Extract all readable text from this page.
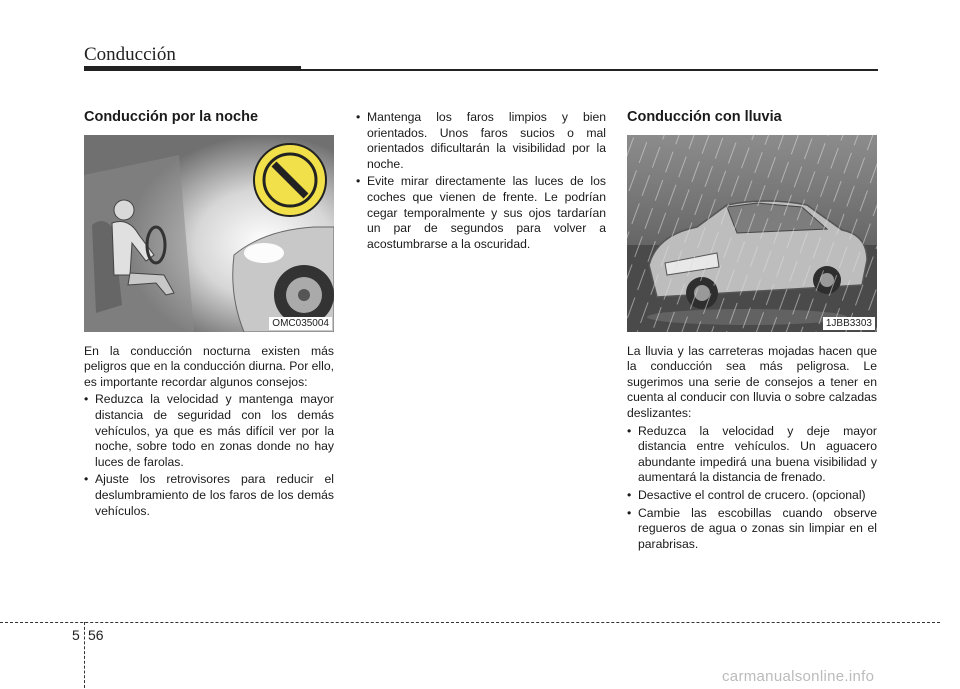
Conducción
Conducción por la noche
OMC035004

En la conducción nocturna existen más peligros que en la conducción diurna. Por ello, es importante recordar algunos consejos:

• Reduzca la velocidad y mantenga mayor distancia de seguridad con los demás vehículos, ya que es más difícil ver por la noche, sobre todo en zonas donde no hay luces de farolas.
• Ajuste los retrovisores para reducir el deslumbramiento de los faros de los demás vehículos.
• Mantenga los faros limpios y bien orientados. Unos faros sucios o mal orientados dificultarán la visibilidad por la noche.
• Evite mirar directamente las luces de los coches que vienen de frente. Le podrían cegar temporalmente y sus ojos tardarían un par de segundos para volver a acostumbrarse a la oscuridad.
Conducción con lluvia
1JBB3303

La lluvia y las carreteras mojadas hacen que la conducción sea más peligrosa. Le sugerimos una serie de consejos a tener en cuenta al conducir con lluvia o sobre calzadas deslizantes:

• Reduzca la velocidad y deje mayor distancia entre vehículos. Un aguacero abundante impedirá una buena visibilidad y aumentará la distancia de frenado.
• Desactive el control de crucero. (opcional)
• Cambie las escobillas cuando observe regueros de agua o zonas sin limpiar en el parabrisas.
5 56
carmanualsonline.info
